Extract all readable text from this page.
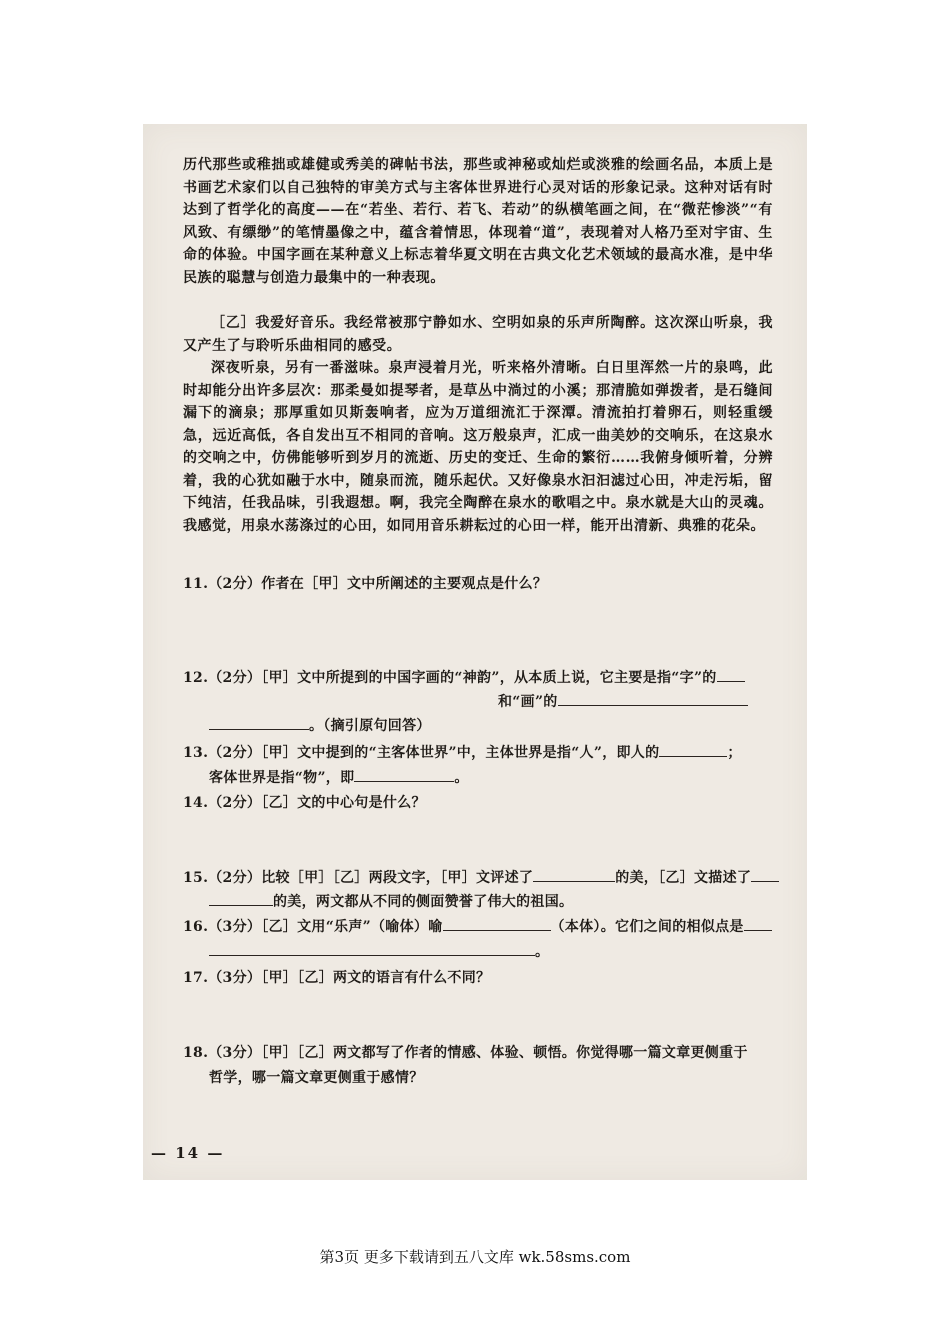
历代那些或稚拙或雄健或秀美的碑帖书法，那些或神秘或灿烂或淡雅的绘画名品，本质上是书画艺术家们以自己独特的审美方式与主客体世界进行心灵对话的形象记录。这种对话有时达到了哲学化的高度——在“若坐、若行、若飞、若动”的纵横笔画之间，在“微茫惨淡”“有风致、有缥缈”的笔情墨像之中，蕴含着情思，体现着“道”，表现着对人格乃至对宇宙、生命的体验。中国字画在某种意义上标志着华夏文明在古典文化艺术领域的最高水准，是中华民族的聪慧与创造力最集中的一种表现。

［乙］我爱好音乐。我经常被那宁静如水、空明如泉的乐声所陶醉。这次深山听泉，我又产生了与聆听乐曲相同的感受。

深夜听泉，另有一番滋味。泉声浸着月光，听来格外清晰。白日里浑然一片的泉鸣，此时却能分出许多层次：那柔曼如提琴者，是草丛中淌过的小溪；那清脆如弹拨者，是石缝间漏下的滴泉；那厚重如贝斯轰响者，应为万道细流汇于深潭。清流拍打着卵石，则轻重缓急，远近高低，各自发出互不相同的音响。这万般泉声，汇成一曲美妙的交响乐，在这泉水的交响之中，仿佛能够听到岁月的流逝、历史的变迁、生命的繁衍……我俯身倾听着，分辨着，我的心犹如融于水中，随泉而流，随乐起伏。又好像泉水汩汩滤过心田，冲走污垢，留下纯洁，任我品味，引我遐想。啊，我完全陶醉在泉水的歌唱之中。泉水就是大山的灵魂。我感觉，用泉水荡涤过的心田，如同用音乐耕耘过的心田一样，能开出清新、典雅的花朵。

11.（2分）作者在［甲］文中所阐述的主要观点是什么？
12.（2分）［甲］文中所提到的中国字画的“神韵”，从本质上说，它主要是指“字”的
和“画”的
。（摘引原句回答）
13.（2分）［甲］文中提到的“主客体世界”中，主体世界是指“人”，即人的	；
客体世界是指“物”，即	。
14.（2分）［乙］文的中心句是什么？
15.（2分）比较［甲］［乙］两段文字，［甲］文评述了	的美，［乙］文描述了
的美，两文都从不同的侧面赞誉了伟大的祖国。
16.（3分）［乙］文用“乐声”（喻体）喻	（本体）。它们之间的相似点是
。
17.（3分）［甲］［乙］两文的语言有什么不同？
18.（3分）［甲］［乙］两文都写了作者的情感、体验、顿悟。你觉得哪一篇文章更侧重于
哲学，哪一篇文章更侧重于感情？
— 14 —
第3页 更多下载请到五八文库 wk.58sms.com
